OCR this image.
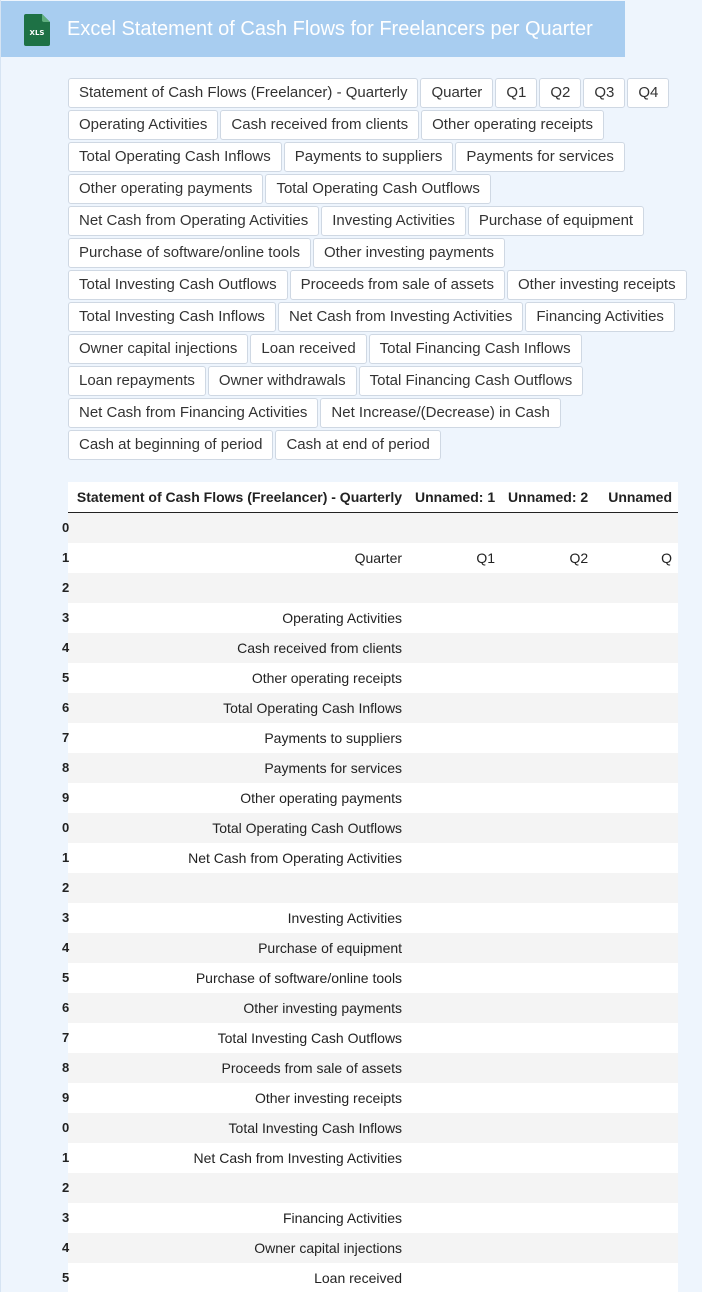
XLS Excel Statement of Cash Flows for Freelancers per Quarter
Statement of Cash Flows (Freelancer) - Quarterly	Quarter	Q1	Q2	Q3	Q4
Operating Activities	Cash received from clients	Other operating receipts
Total Operating Cash Inflows	Payments to suppliers	Payments for services
Other operating payments	Total Operating Cash Outflows
Net Cash from Operating Activities	Investing Activities	Purchase of equipment
Purchase of software/online tools	Other investing payments
Total Investing Cash Outflows	Proceeds from sale of assets	Other investing receipts
Total Investing Cash Inflows	Net Cash from Investing Activities	Financing Activities
Owner capital injections	Loan received	Total Financing Cash Inflows
Loan repayments	Owner withdrawals	Total Financing Cash Outflows
Net Cash from Financing Activities	Net Increase/(Decrease) in Cash
Cash at beginning of period	Cash at end of period
	Statement of Cash Flows (Freelancer) - Quarterly	Unnamed: 1	Unnamed: 2	Unnamed

0			

1	Quarter	Q1	Q2	Q

2			

3	Operating Activities			

4	Cash received from clients			

5	Other operating receipts			

6	Total Operating Cash Inflows			

7	Payments to suppliers			

8	Payments for services			

9	Other operating payments			

0	Total Operating Cash Outflows			

1	Net Cash from Operating Activities			

2			

3	Investing Activities			

4	Purchase of equipment			

5	Purchase of software/online tools			

6	Other investing payments			

7	Total Investing Cash Outflows			

8	Proceeds from sale of assets			

9	Other investing receipts			

0	Total Investing Cash Inflows			

1	Net Cash from Investing Activities			

2			

3	Financing Activities			

4	Owner capital injections			

5	Loan received			
